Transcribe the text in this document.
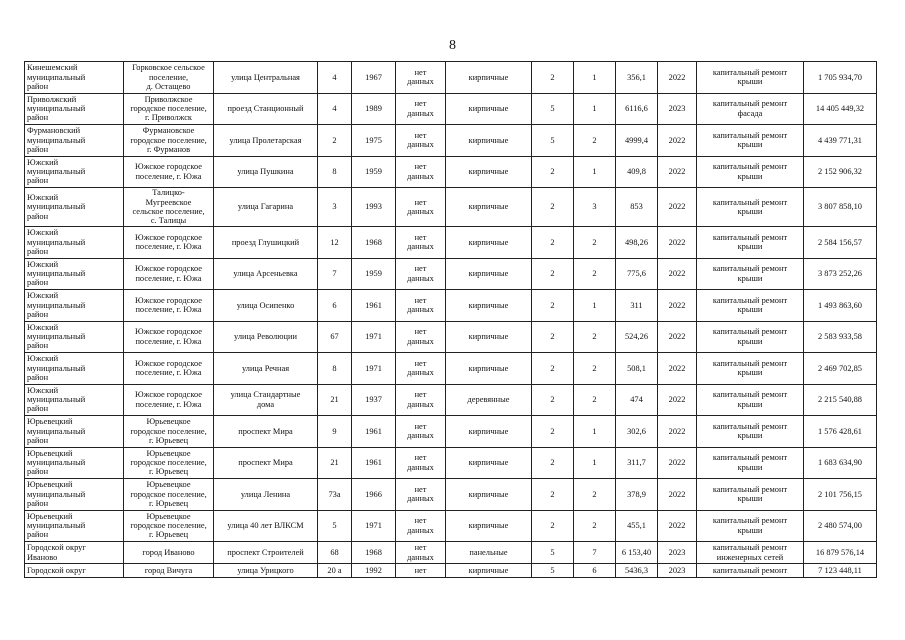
8
Кинешемский
муниципальный
район	Горковское сельское
поселение,
д. Остащево	улица Центральная	4	1967	нет
данных	кирпичные	2	1	356,1	2022	капитальный ремонт
крыши	1 705 934,70

Приволжский
муниципальный
район	Приволжское
городское поселение,
г. Приволжск	проезд Станционный	4	1989	нет
данных	кирпичные	5	1	6116,6	2023	капитальный ремонт
фасада	14 405 449,32

Фурмановский
муниципальный
район	Фурмановское
городское поселение,
г. Фурманов	улица Пролетарская	2	1975	нет
данных	кирпичные	5	2	4999,4	2022	капитальный ремонт
крыши	4 439 771,31

Южский
муниципальный
район	Южское городское
поселение, г. Южа	улица Пушкина	8	1959	нет
данных	кирпичные	2	1	409,8	2022	капитальный ремонт
крыши	2 152 906,32

Южский
муниципальный
район	Талицко-
Мугреевское
сельское поселение,
с. Талицы	улица Гагарина	3	1993	нет
данных	кирпичные	2	3	853	2022	капитальный ремонт
крыши	3 807 858,10

Южский
муниципальный
район	Южское городское
поселение, г. Южа	проезд Глушицкий	12	1968	нет
данных	кирпичные	2	2	498,26	2022	капитальный ремонт
крыши	2 584 156,57

Южский
муниципальный
район	Южское городское
поселение, г. Южа	улица Арсеньевка	7	1959	нет
данных	кирпичные	2	2	775,6	2022	капитальный ремонт
крыши	3 873 252,26

Южский
муниципальный
район	Южское городское
поселение, г. Южа	улица Осипенко	6	1961	нет
данных	кирпичные	2	1	311	2022	капитальный ремонт
крыши	1 493 863,60

Южский
муниципальный
район	Южское городское
поселение, г. Южа	улица Революции	67	1971	нет
данных	кирпичные	2	2	524,26	2022	капитальный ремонт
крыши	2 583 933,58

Южский
муниципальный
район	Южское городское
поселение, г. Южа	улица Речная	8	1971	нет
данных	кирпичные	2	2	508,1	2022	капитальный ремонт
крыши	2 469 702,85

Южский
муниципальный
район	Южское городское
поселение, г. Южа	улица Стандартные
дома	21	1937	нет
данных	деревянные	2	2	474	2022	капитальный ремонт
крыши	2 215 540,88

Юрьевецкий
муниципальный
район	Юрьевецкое
городское поселение,
г. Юрьевец	проспект Мира	9	1961	нет
данных	кирпичные	2	1	302,6	2022	капитальный ремонт
крыши	1 576 428,61

Юрьевецкий
муниципальный
район	Юрьевецкое
городское поселение,
г. Юрьевец	проспект Мира	21	1961	нет
данных	кирпичные	2	1	311,7	2022	капитальный ремонт
крыши	1 683 634,90

Юрьевецкий
муниципальный
район	Юрьевецкое
городское поселение,
г. Юрьевец	улица Ленина	73а	1966	нет
данных	кирпичные	2	2	378,9	2022	капитальный ремонт
крыши	2 101 756,15

Юрьевецкий
муниципальный
район	Юрьевецкое
городское поселение,
г. Юрьевец	улица 40 лет ВЛКСМ	5	1971	нет
данных	кирпичные	2	2	455,1	2022	капитальный ремонт
крыши	2 480 574,00

Городской округ
Иваново	город Иваново	проспект Строителей	68	1968	нет
данных	панельные	5	7	6 153,40	2023	капитальный ремонт
инженерных сетей	16 879 576,14

Городской округ	город Вичуга	улица Урицкого	20 а	1992	нет	кирпичные	5	6	5436,3	2023	капитальный ремонт	7 123 448,11
